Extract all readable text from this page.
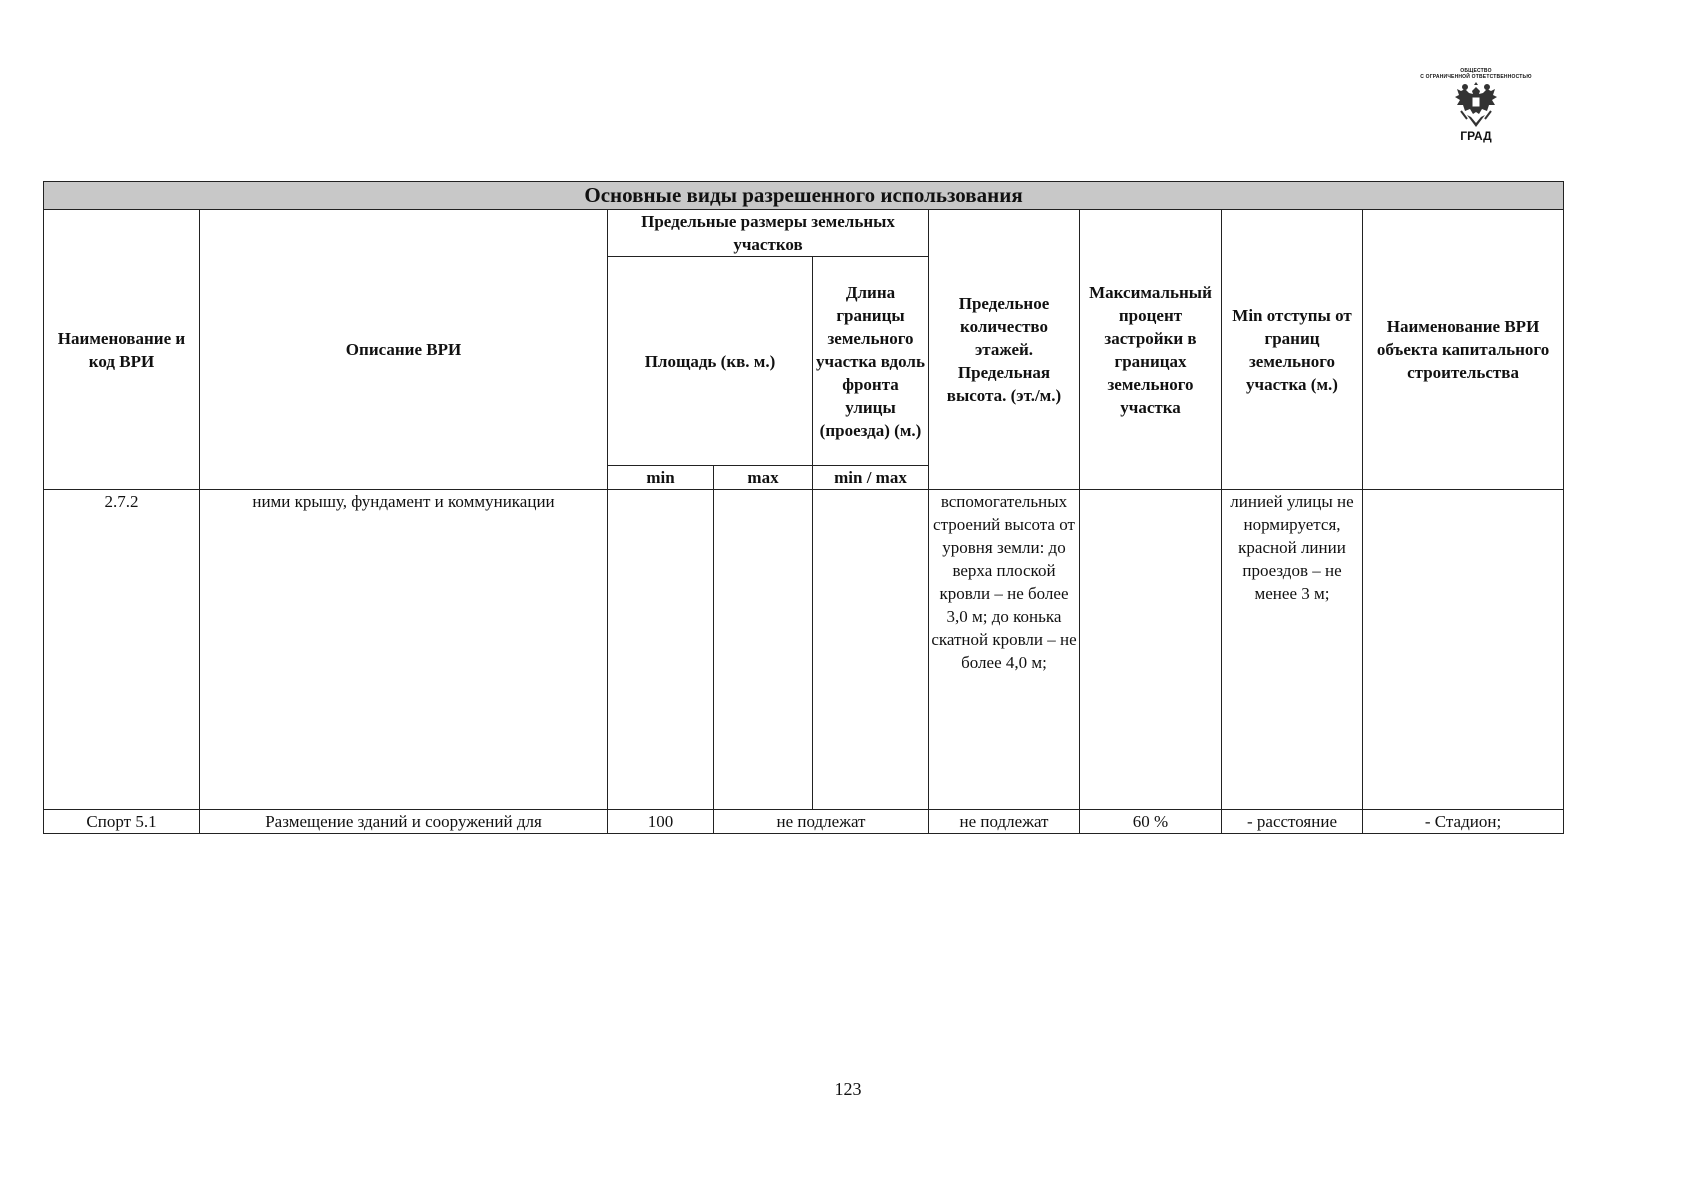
ОБЩЕСТВО
С ОГРАНИЧЕННОЙ ОТВЕТСТВЕННОСТЬЮ
ГРАД
Основные виды разрешенного использования								
Наименование и код ВРИ	Описание ВРИ	Предельные размеры земельных участков			Предельное количество этажей. Предельная высота. (эт./м.)	Максимальный процент застройки в границах земельного участка	Min отступы от границ земельного участка (м.)	Наименование ВРИ объекта капитального строительства
		Площадь (кв. м.)		Длина границы земельного участка вдоль фронта улицы (проезда) (м.)				
		min	max	min / max				
2.7.2	ними крышу, фундамент и коммуникации				вспомогательных строений высота от уровня земли: до верха плоской кровли – не более 3,0 м; до конька скатной кровли – не более 4,0 м;		линией улицы не нормируется, красной линии проездов – не менее 3 м;	
Спорт 5.1	Размещение зданий и сооружений для	100	не подлежат		не подлежат	60 %	- расстояние	- Стадион;
123
